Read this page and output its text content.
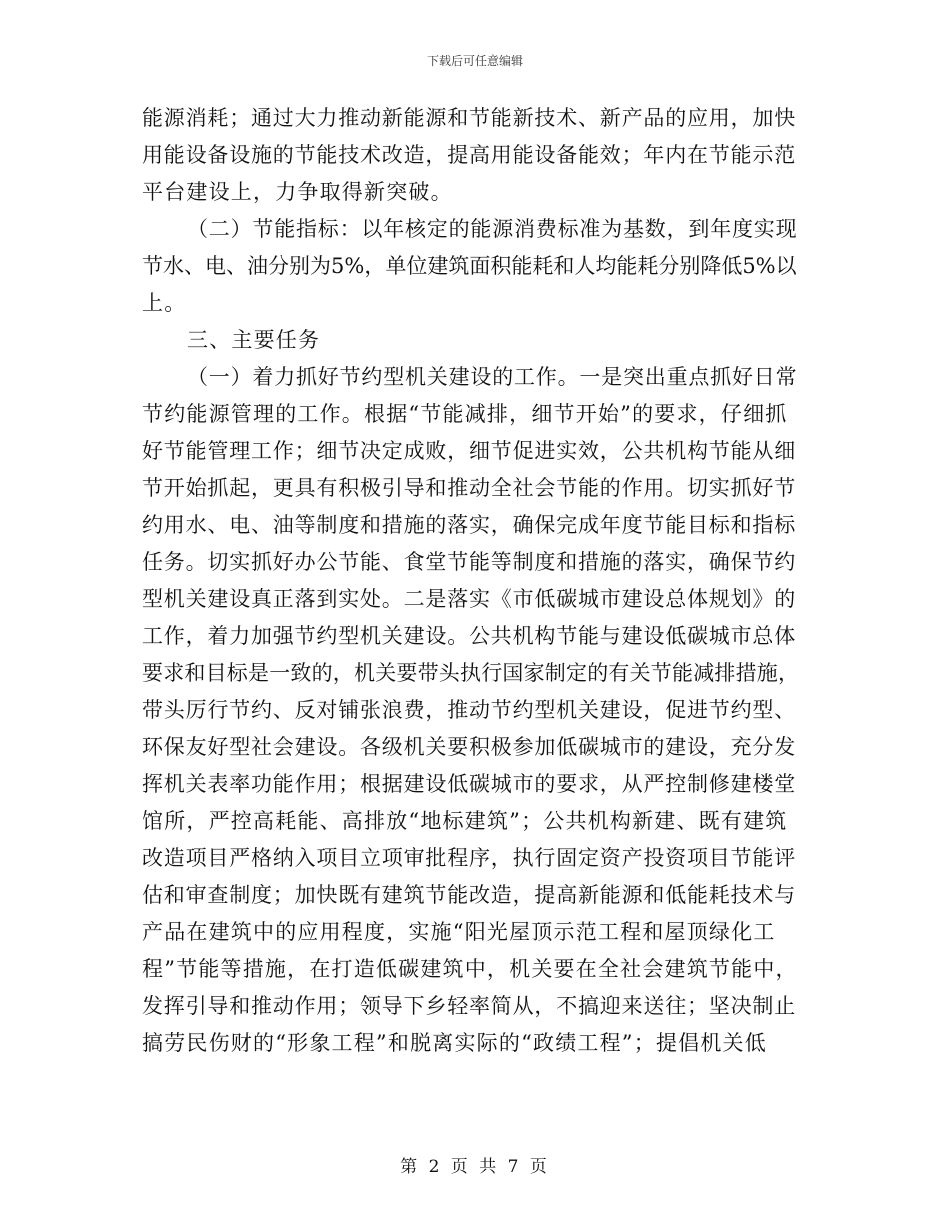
下载后可任意编辑
能源消耗；通过大力推动新能源和节能新技术、新产品的应用，加快
用能设备设施的节能技术改造，提高用能设备能效；年内在节能示范
平台建设上，力争取得新突破。
（二）节能指标：以年核定的能源消费标准为基数，到年度实现
节水、电、油分别为5%，单位建筑面积能耗和人均能耗分别降低5%以
上。
三、主要任务
（一）着力抓好节约型机关建设的工作。一是突出重点抓好日常
节约能源管理的工作。根据“节能减排，细节开始”的要求，仔细抓
好节能管理工作；细节决定成败，细节促进实效，公共机构节能从细
节开始抓起，更具有积极引导和推动全社会节能的作用。切实抓好节
约用水、电、油等制度和措施的落实，确保完成年度节能目标和指标
任务。切实抓好办公节能、食堂节能等制度和措施的落实，确保节约
型机关建设真正落到实处。二是落实《市低碳城市建设总体规划》的
工作，着力加强节约型机关建设。公共机构节能与建设低碳城市总体
要求和目标是一致的，机关要带头执行国家制定的有关节能减排措施，
带头厉行节约、反对铺张浪费，推动节约型机关建设，促进节约型、
环保友好型社会建设。各级机关要积极参加低碳城市的建设，充分发
挥机关表率功能作用；根据建设低碳城市的要求，从严控制修建楼堂
馆所，严控高耗能、高排放“地标建筑”；公共机构新建、既有建筑
改造项目严格纳入项目立项审批程序，执行固定资产投资项目节能评
估和审查制度；加快既有建筑节能改造，提高新能源和低能耗技术与
产品在建筑中的应用程度，实施“阳光屋顶示范工程和屋顶绿化工
程”节能等措施，在打造低碳建筑中，机关要在全社会建筑节能中，
发挥引导和推动作用；领导下乡轻率简从，不搞迎来送往；坚决制止
搞劳民伤财的“形象工程”和脱离实际的“政绩工程”；提倡机关低
第 2 页 共 7 页
